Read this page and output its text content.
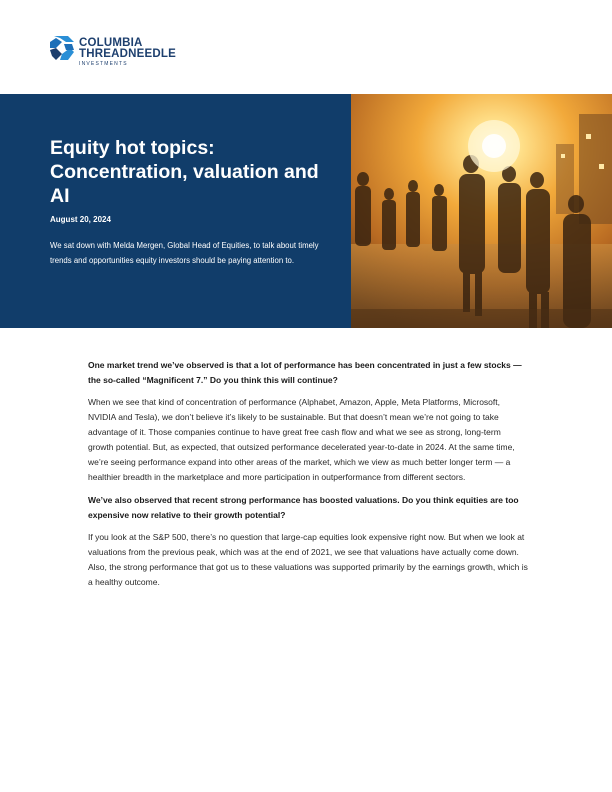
COLUMBIA
THREADNEEDLE
INVESTMENTS
Equity hot topics: Concentration, valuation and AI
August 20, 2024
We sat down with Melda Mergen, Global Head of Equities, to talk about timely trends and opportunities equity investors should be paying attention to.

One market trend we’ve observed is that a lot of performance has been concentrated in just a few stocks — the so-called “Magnificent 7.” Do you think this will continue?

When we see that kind of concentration of performance (Alphabet, Amazon, Apple, Meta Platforms, Microsoft, NVIDIA and Tesla), we don’t believe it’s likely to be sustainable. But that doesn’t mean we’re not going to take advantage of it. Those companies continue to have great free cash flow and what we see as strong, long-term growth potential. But, as expected, that outsized performance decelerated year-to-date in 2024. At the same time, we’re seeing performance expand into other areas of the market, which we view as much better longer term — a healthier breadth in the marketplace and more participation in outperformance from different sectors.

We’ve also observed that recent strong performance has boosted valuations. Do you think equities are too expensive now relative to their growth potential?

If you look at the S&P 500, there’s no question that large-cap equities look expensive right now. But when we look at valuations from the previous peak, which was at the end of 2021, we see that valuations have actually come down. Also, the strong performance that got us to these valuations was supported primarily by the earnings growth, which is a healthy outcome.
